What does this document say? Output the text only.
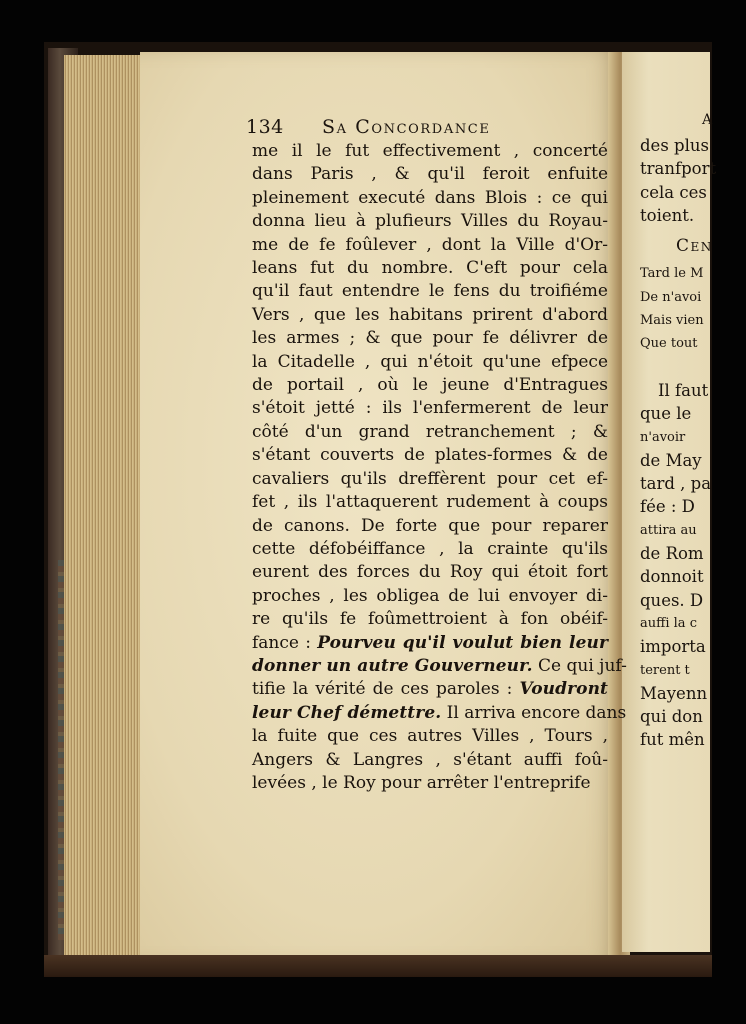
134 Sa Concordance
me il le fut effectivement , concerté
dans Paris , & qu'il feroit enfuite
pleinement executé dans Blois : ce qui
donna lieu à plufieurs Villes du Royau-
me de fe foûlever , dont la Ville d'Or-
leans fut du nombre. C'eft pour cela
qu'il faut entendre le fens du troifiéme
Vers , que les habitans prirent d'abord
les armes ; & que pour fe délivrer de
la Citadelle , qui n'étoit qu'une efpece
de portail , où le jeune d'Entragues
s'étoit jetté : ils l'enfermerent de leur
côté d'un grand retranchement ; &
s'étant couverts de plates-formes & de
cavaliers qu'ils dreffèrent pour cet ef-
fet , ils l'attaquerent rudement à coups
de canons. De forte que pour reparer
cette défobéiffance , la crainte qu'ils
eurent des forces du Roy qui étoit fort
proches , les obligea de lui envoyer di-
re qu'ils fe foûmettroient à fon obéif-
fance : Pourveu qu'il voulut bien leur
donner un autre Gouverneur. Ce qui juf-
tifie la vérité de ces paroles : Voudront
leur Chef démettre. Il arriva encore dans
la fuite que ces autres Villes , Tours ,
Angers & Langres , s'étant auffi foû-
levées , le Roy pour arrêter l'entreprife
A
des plus
tranfport
cela ces
toient.
Cen
Tard le M
De n'avoi
Mais vien
Que tout

Il faut
que le
n'avoir
de May
tard , pa
fée : D
attira au
de Rom
donnoit
ques. D
auffi la c
importa
terent t
Mayenn
qui don
fut mên
